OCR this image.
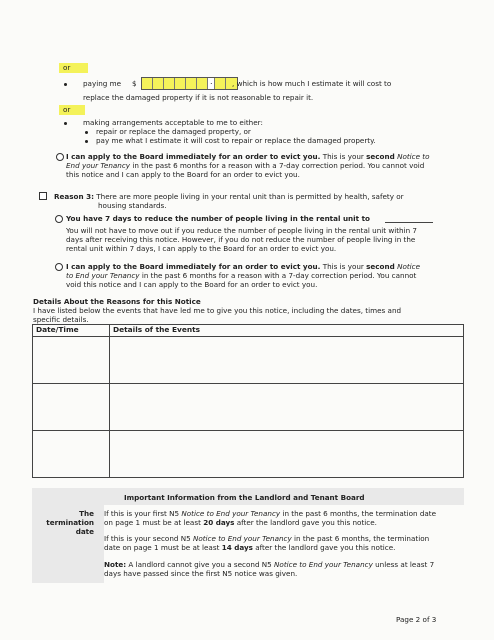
or
paying me $ .	, which is how much I estimate it will cost to
replace the damaged property if it is not reasonable to repair it.
or
making arrangements acceptable to me to either:
repair or replace the damaged property, or
pay me what I estimate it will cost to repair or replace the damaged property.
I can apply to the Board immediately for an order to evict you. This is your second Notice to
End your Tenancy in the past 6 months for a reason with a 7-day correction period. You cannot void
this notice and I can apply to the Board for an order to evict you.
Reason 3: There are more people living in your rental unit than is permitted by health, safety or
housing standards.
You have 7 days to reduce the number of people living in the rental unit to
You will not have to move out if you reduce the number of people living in the rental unit within 7
days after receiving this notice. However, if you do not reduce the number of people living in the
rental unit within 7 days, I can apply to the Board for an order to evict you.
I can apply to the Board immediately for an order to evict you. This is your second Notice
to End your Tenancy in the past 6 months for a reason with a 7-day correction period. You cannot
void this notice and I can apply to the Board for an order to evict you.
Details About the Reasons for this Notice
I have listed below the events that have led me to give you this notice, including the dates, times and
specific details.
Date/Time	Details of the Events

Important Information from the Landlord and Tenant Board
The
termination
date
If this is your first N5 Notice to End your Tenancy in the past 6 months, the termination date
on page 1 must be at least 20 days after the landlord gave you this notice.
If this is your second N5 Notice to End your Tenancy in the past 6 months, the termination
date on page 1 must be at least 14 days after the landlord gave you this notice.
Note: A landlord cannot give you a second N5 Notice to End your Tenancy unless at least 7
days have passed since the first N5 notice was given.
Page 2 of 3
